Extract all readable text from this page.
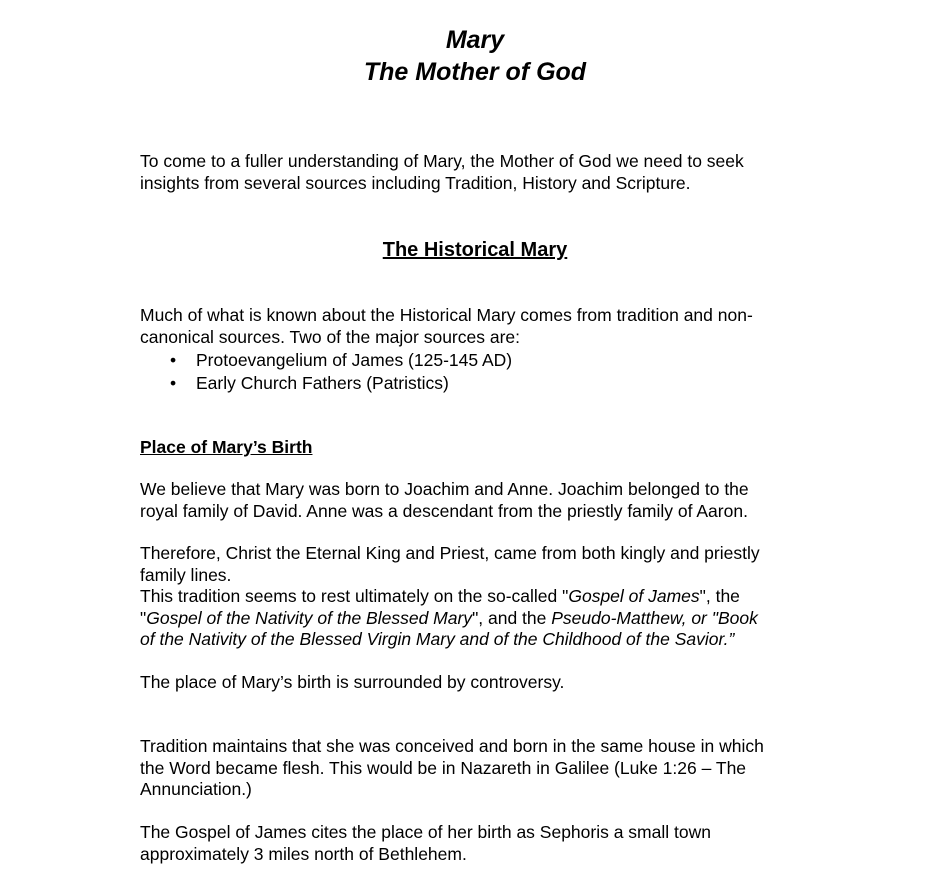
Mary
The Mother of God

To come to a fuller understanding of Mary, the Mother of God we need to seek
insights from several sources including Tradition, History and Scripture.

The Historical Mary

Much of what is known about the Historical Mary comes from tradition and non-
canonical sources. Two of the major sources are:

• Protoevangelium of James (125-145 AD)
• Early Church Fathers (Patristics)
Place of Mary’s Birth

We believe that Mary was born to Joachim and Anne. Joachim belonged to the
royal family of David. Anne was a descendant from the priestly family of Aaron.

Therefore, Christ the Eternal King and Priest, came from both kingly and priestly
family lines.
This tradition seems to rest ultimately on the so-called "Gospel of James", the
"Gospel of the Nativity of the Blessed Mary", and the Pseudo-Matthew, or "Book
of the Nativity of the Blessed Virgin Mary and of the Childhood of the Savior.”

The place of Mary’s birth is surrounded by controversy.

Tradition maintains that she was conceived and born in the same house in which
the Word became flesh. This would be in Nazareth in Galilee (Luke 1:26 – The
Annunciation.)

The Gospel of James cites the place of her birth as Sephoris a small town
approximately 3 miles north of Bethlehem.
